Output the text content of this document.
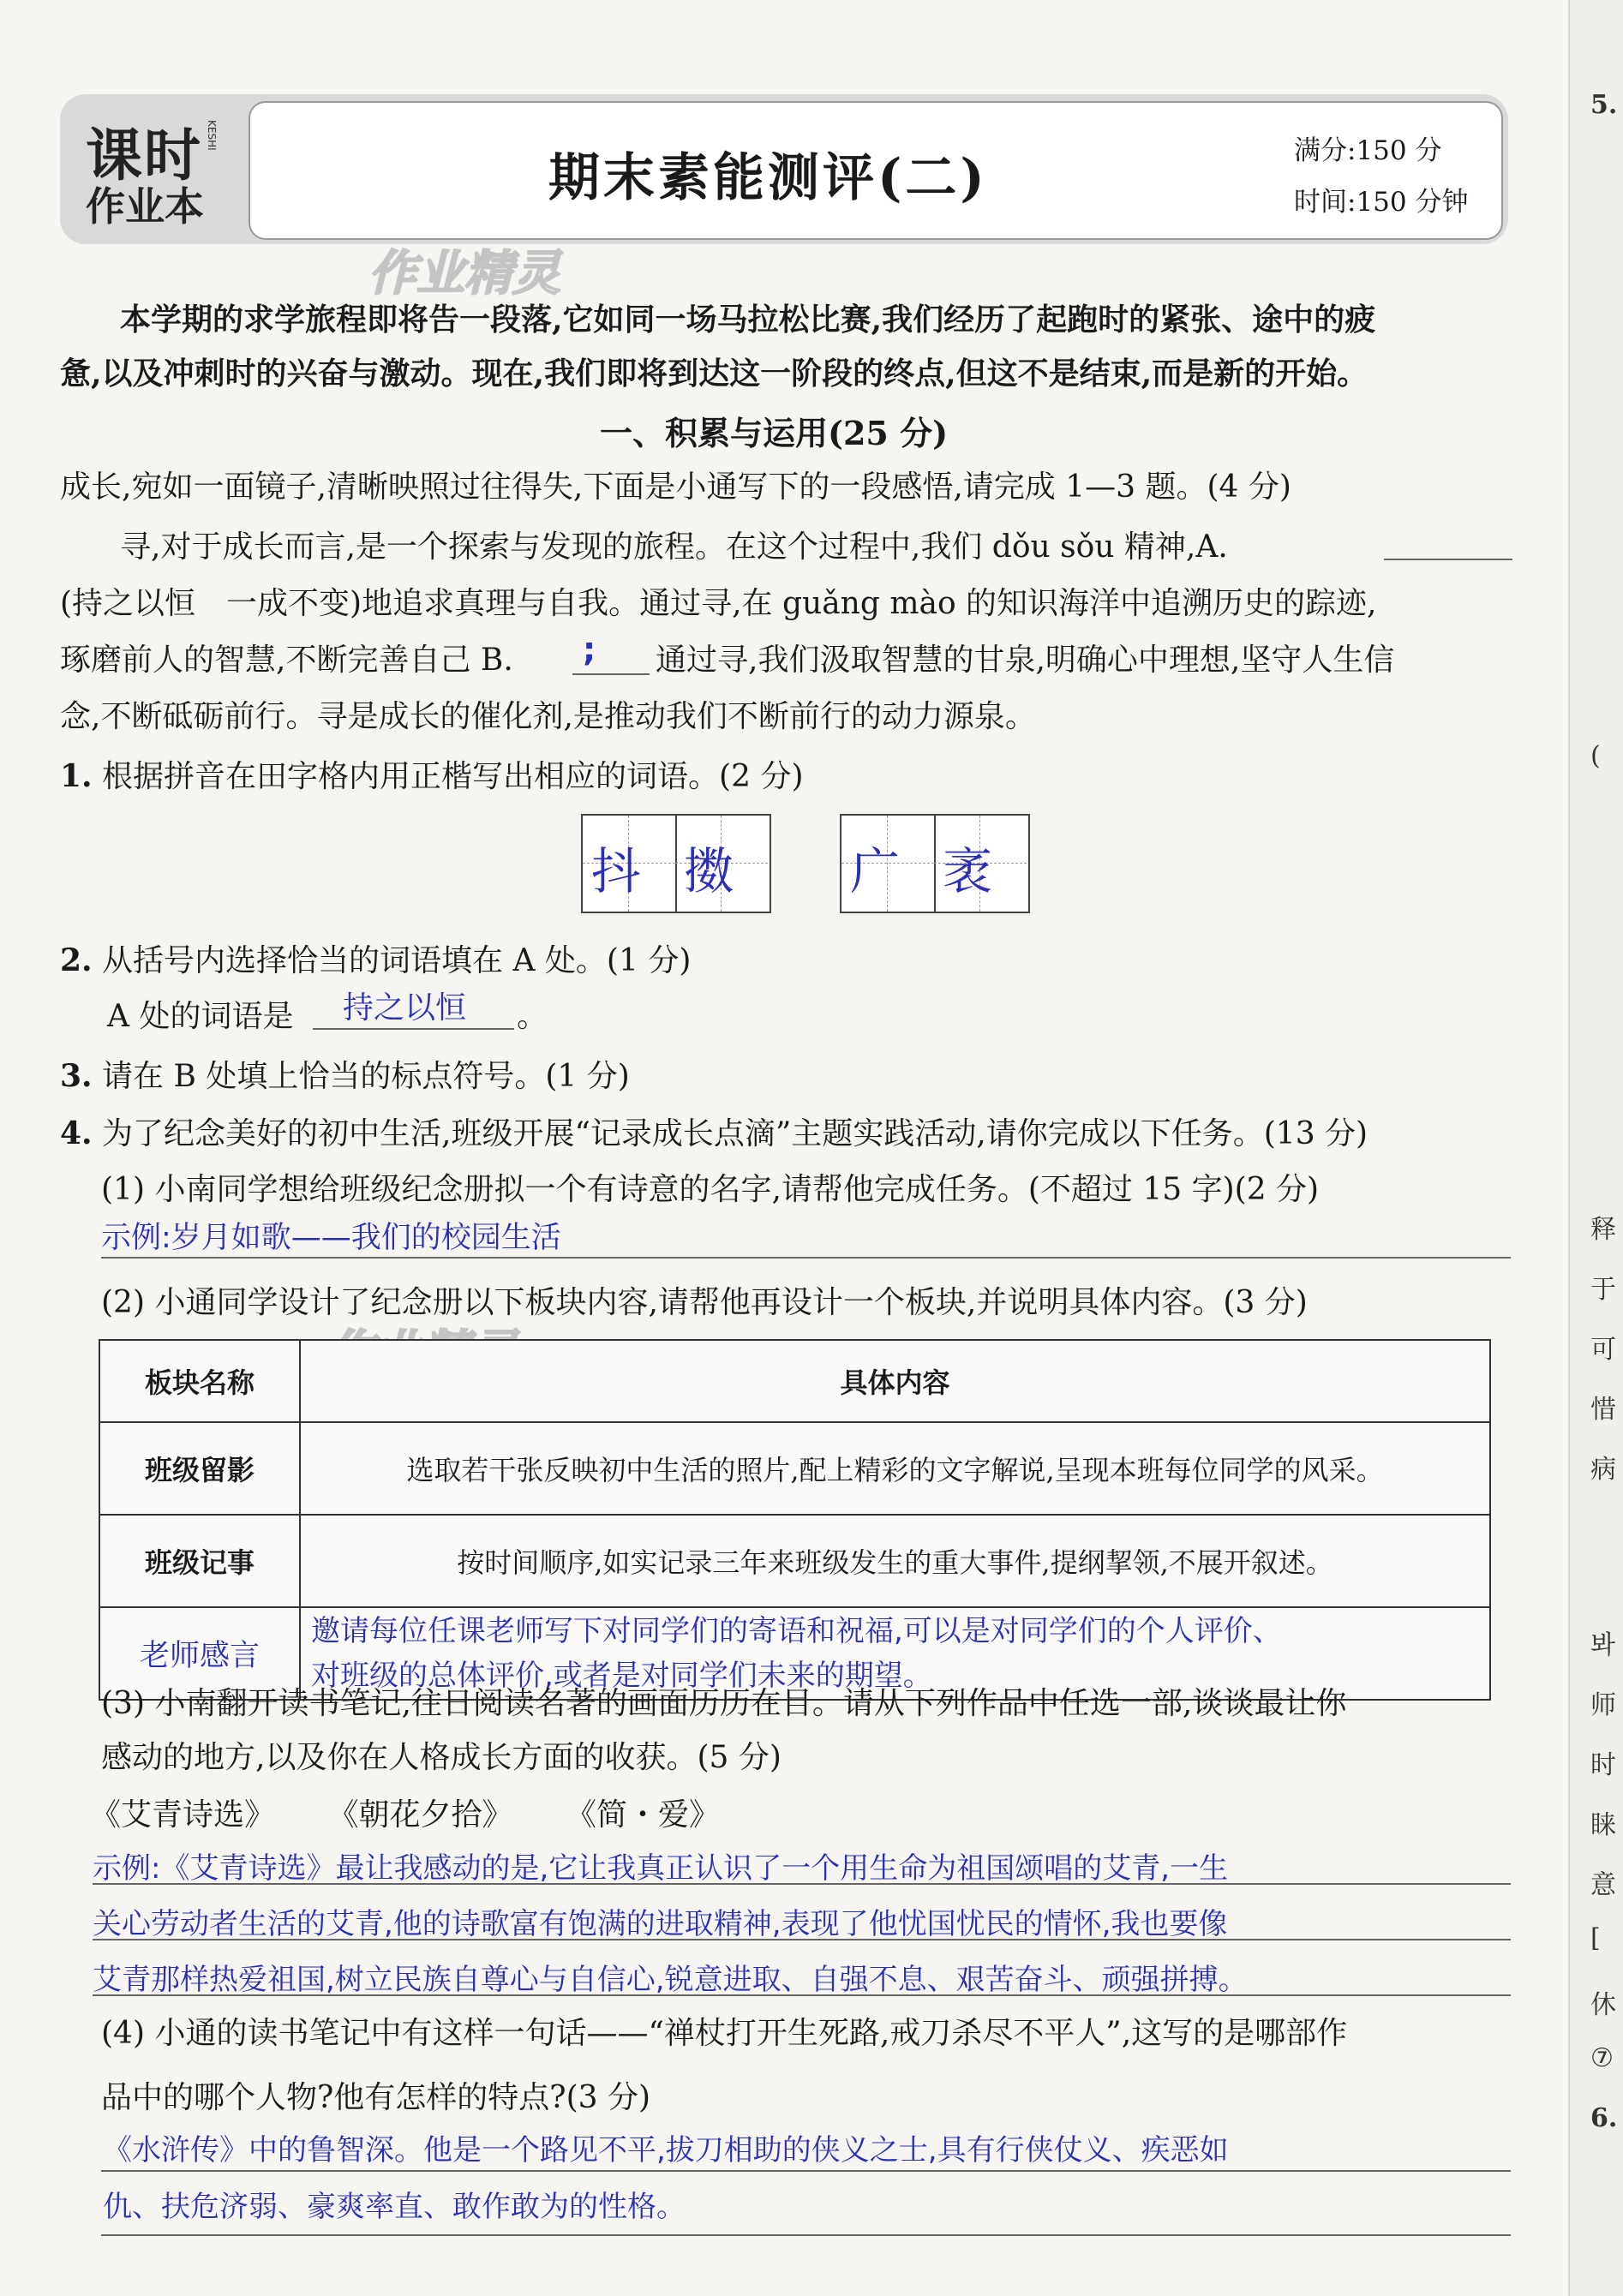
5.
(
释
于
可
惜
病
봐
师
时
睐
意
[
休
⑦
6.
课时
作业本
KESHI
期末素能测评(二)	满分:150 分
时间:150 分钟
作业精灵
本学期的求学旅程即将告一段落,它如同一场马拉松比赛,我们经历了起跑时的紧张、途中的疲
惫,以及冲刺时的兴奋与激动。现在,我们即将到达这一阶段的终点,但这不是结束,而是新的开始。
一、积累与运用(25 分)
成长,宛如一面镜子,清晰映照过往得失,下面是小通写下的一段感悟,请完成 1—3 题。(4 分)
寻,对于成长而言,是一个探索与发现的旅程。在这个过程中,我们 dǒu sǒu 精神,A.
(持之以恒　一成不变)地追求真理与自我。通过寻,在 guǎng mào 的知识海洋中追溯历史的踪迹,
琢磨前人的智慧,不断完善自己 B. ; 通过寻,我们汲取智慧的甘泉,明确心中理想,坚守人生信
念,不断砥砺前行。寻是成长的催化剂,是推动我们不断前行的动力源泉。
1. 根据拼音在田字格内用正楷写出相应的词语。(2 分)
抖 擞 广 袤
2. 从括号内选择恰当的词语填在 A 处。(1 分)
A 处的词语是 持之以恒 。
3. 请在 B 处填上恰当的标点符号。(1 分)
4. 为了纪念美好的初中生活,班级开展“记录成长点滴”主题实践活动,请你完成以下任务。(13 分)
(1) 小南同学想给班级纪念册拟一个有诗意的名字,请帮他完成任务。(不超过 15 字)(2 分)
示例:岁月如歌——我们的校园生活
(2) 小通同学设计了纪念册以下板块内容,请帮他再设计一个板块,并说明具体内容。(3 分)
板块名称	具体内容
班级留影	选取若干张反映初中生活的照片,配上精彩的文字解说,呈现本班每位同学的风采。
班级记事	按时间顺序,如实记录三年来班级发生的重大事件,提纲挈领,不展开叙述。
老师感言	邀请每位任课老师写下对同学们的寄语和祝福,可以是对同学们的个人评价、
对班级的总体评价,或者是对同学们未来的期望。
(3) 小南翻开读书笔记,往日阅读名著的画面历历在目。请从下列作品中任选一部,谈谈最让你
感动的地方,以及你在人格成长方面的收获。(5 分)
《艾青诗选》 《朝花夕拾》 《简・爱》
示例:《艾青诗选》最让我感动的是,它让我真正认识了一个用生命为祖国颂唱的艾青,一生
关心劳动者生活的艾青,他的诗歌富有饱满的进取精神,表现了他忧国忧民的情怀,我也要像
艾青那样热爱祖国,树立民族自尊心与自信心,锐意进取、自强不息、艰苦奋斗、顽强拼搏。
(4) 小通的读书笔记中有这样一句话——“禅杖打开生死路,戒刀杀尽不平人”,这写的是哪部作
品中的哪个人物?他有怎样的特点?(3 分)
《水浒传》中的鲁智深。他是一个路见不平,拔刀相助的侠义之士,具有行侠仗义、疾恶如
仇、扶危济弱、豪爽率直、敢作敢为的性格。
